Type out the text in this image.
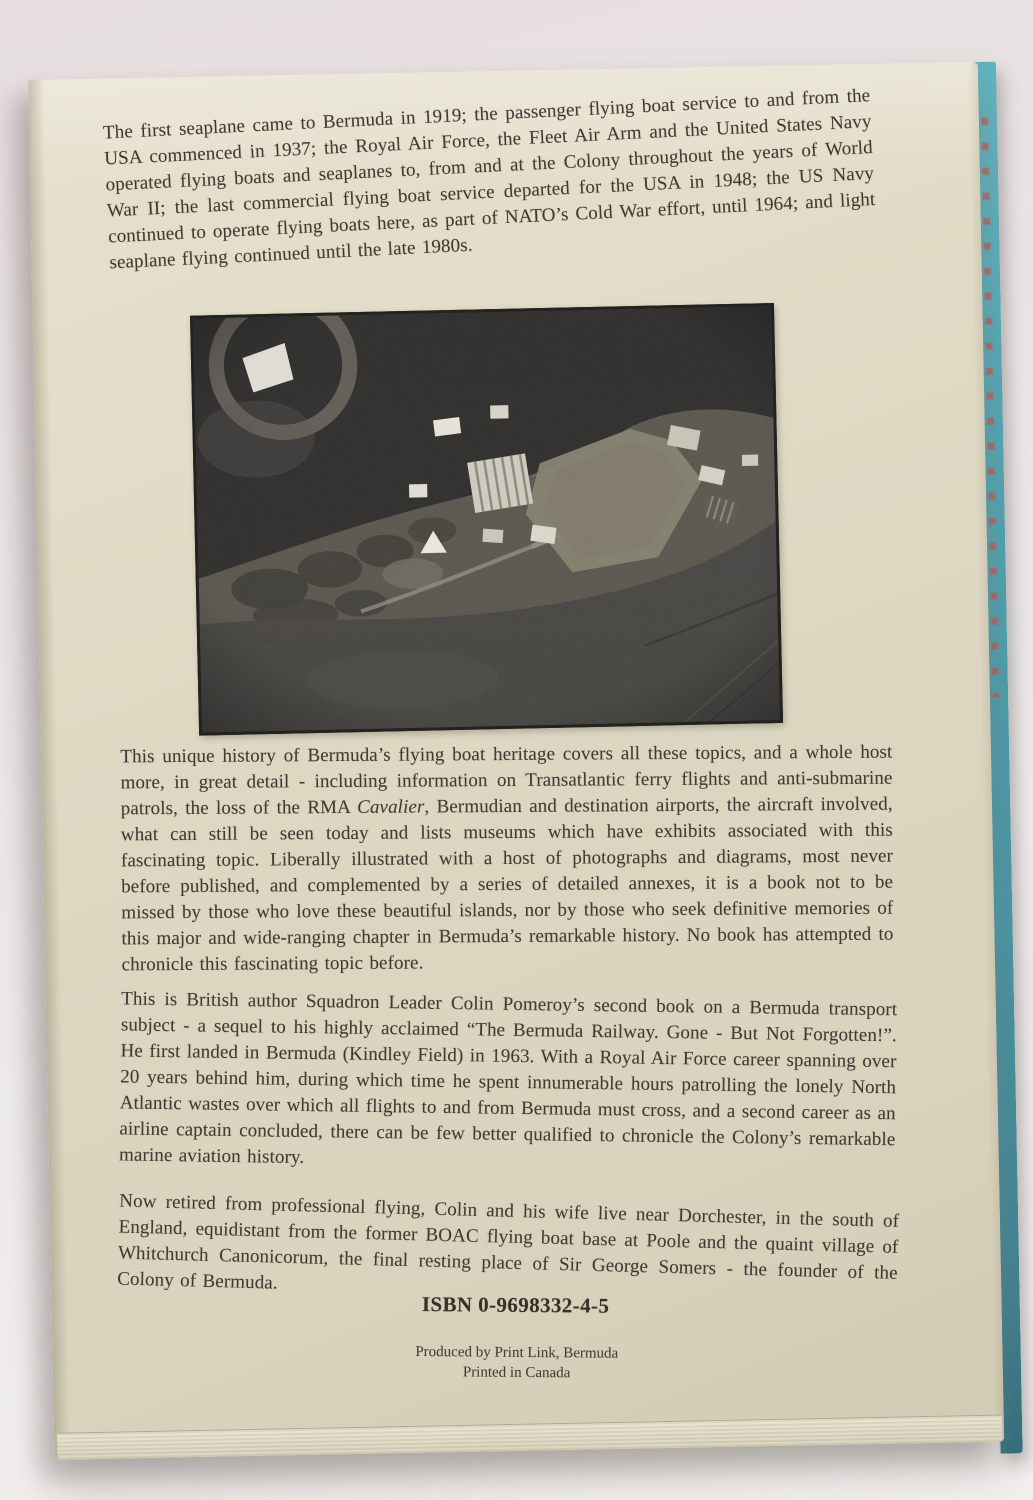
The first seaplane came to Bermuda in 1919; the passenger flying boat service to and from the USA commenced in 1937; the Royal Air Force, the Fleet Air Arm and the United States Navy operated flying boats and seaplanes to, from and at the Colony throughout the years of World War II; the last commercial flying boat service departed for the USA in 1948; the US Navy continued to operate flying boats here, as part of NATO’s Cold War effort, until 1964; and light seaplane flying continued until the late 1980s.

This unique history of Bermuda’s flying boat heritage covers all these topics, and a whole host more, in great detail - including information on Transatlantic ferry flights and anti-submarine patrols, the loss of the RMA Cavalier, Bermudian and destination airports, the aircraft involved, what can still be seen today and lists museums which have exhibits associated with this fascinating topic. Liberally illustrated with a host of photographs and diagrams, most never before published, and complemented by a series of detailed annexes, it is a book not to be missed by those who love these beautiful islands, nor by those who seek definitive memories of this major and wide-ranging chapter in Bermuda’s remarkable history. No book has attempted to chronicle this fascinating topic before.

This is British author Squadron Leader Colin Pomeroy’s second book on a Bermuda transport subject - a sequel to his highly acclaimed “The Bermuda Railway. Gone - But Not Forgotten!”. He first landed in Bermuda (Kindley Field) in 1963. With a Royal Air Force career spanning over 20 years behind him, during which time he spent innumerable hours patrolling the lonely North Atlantic wastes over which all flights to and from Bermuda must cross, and a second career as an airline captain concluded, there can be few better qualified to chronicle the Colony’s remarkable marine aviation history.

Now retired from professional flying, Colin and his wife live near Dorchester, in the south of England, equidistant from the former BOAC flying boat base at Poole and the quaint village of Whitchurch Canonicorum, the final resting place of Sir George Somers - the founder of the Colony of Bermuda.

ISBN 0-9698332-4-5
Produced by Print Link, Bermuda
Printed in Canada
